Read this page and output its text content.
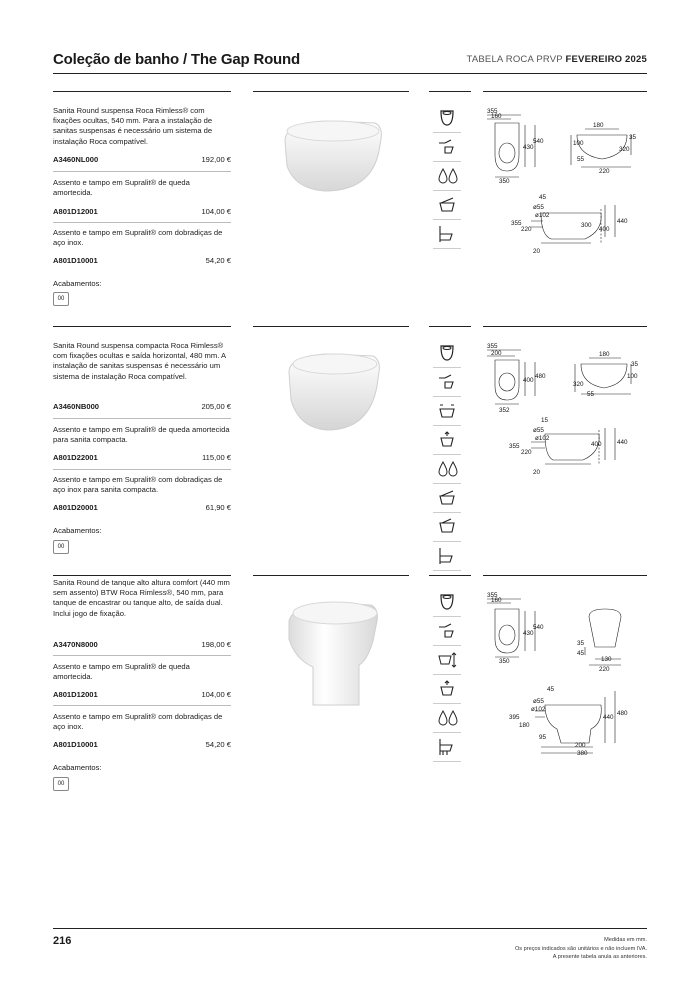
Coleção de banho / The Gap Round	TABELA ROCA PRVP FEVEREIRO 2025
Sanita Round suspensa Roca Rimless® com fixações ocultas, 540 mm. Para a instalação de sanitas suspensas é necessário um sistema de instalação Roca compatível.
A3460NL000	192,00 €
Assento e tampo em Supralit® de queda amortecida.
A801D12001	104,00 €
Assento e tampo em Supralit® com dobradiças de aço inox.
A801D10001	54,20 €
Acabamentos:
00
355
160
430
540
350
180
100
35
55
320
220
45
ø55
ø102
355
220
300
400
440
20
Sanita Round suspensa compacta Roca Rimless® com fixações ocultas e saída horizontal, 480 mm. A instalação de sanitas suspensas é necessário um sistema de instalação Roca compatível.
A3460NB000	205,00 €
Assento e tampo em Supralit® de queda amortecida para sanita compacta.
A801D22001	115,00 €
Assento e tampo em Supralit® com dobradiças de aço inox para sanita compacta.
A801D20001	61,90 €
Acabamentos:
00
355
200
400
480
352
180
35
100
320
55
15
ø55
ø102
355
220
400 440
20
Sanita Round de tanque alto altura comfort (440 mm sem assento) BTW Roca Rimless®, 540 mm, para tanque de encastrar ou tanque alto, de saída dual. Inclui jogo de fixação.
A3470N8000	198,00 €
Assento e tampo em Supralit® de queda amortecida.
A801D12001	104,00 €
Assento e tampo em Supralit® com dobradiças de aço inox.
A801D10001	54,20 €
Acabamentos:
00
355
160
430
540
350
35
45
130
220
45
ø55
ø102
395
180
95
200
380
440
480
216	Medidas em mm.
Os preços indicados são unitários e não incluem IVA.
A presente tabela anula as anteriores.
